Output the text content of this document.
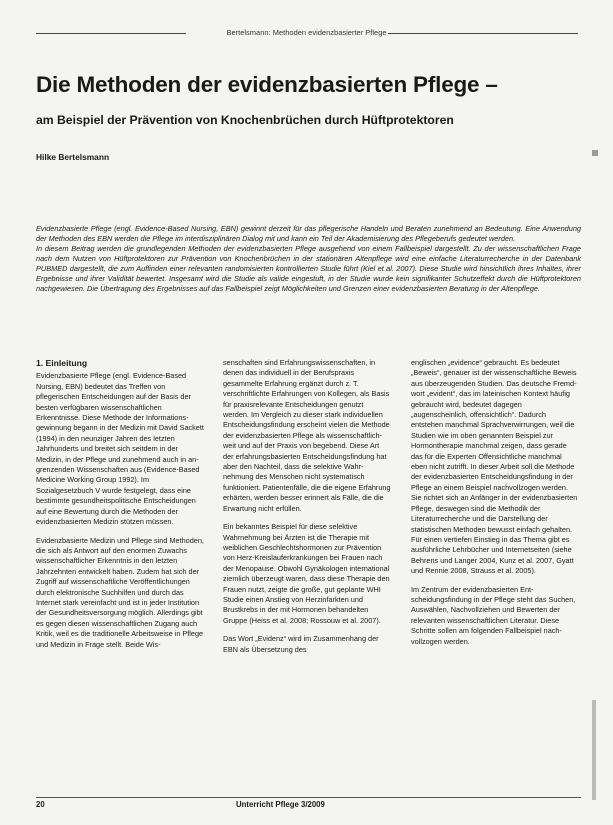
Bertelsmann: Methoden evidenzbasierter Pflege
Die Methoden der evidenzbasierten Pflege –
am Beispiel der Prävention von Knochenbrüchen durch Hüftprotektoren
Hilke Bertelsmann

Evidenzbasierte Pflege (engl. Evidence-Based Nursing, EBN) gewinnt derzeit für das pflegerische Handeln und Beraten zunehmend an Bedeutung. Eine Anwendung der Methoden des EBN werden die Pflege im interdisziplinären Dialog mit und kann ein Teil der Akademisierung des Pflegeberufs gedeutet werden.

In diesem Beitrag werden die grundlegenden Methoden der evidenzbasierten Pflege ausgehend von einem Fallbeispiel dargestellt. Zu der wissenschaftlichen Frage nach dem Nutzen von Hüftprotektoren zur Prävention von Knochenbrüchen in der stationären Altenpflege wird eine einfache Literaturrecherche in der Datenbank PUBMED dargestellt, die zum Auffinden einer relevanten randomisierten kontrollierten Studie führt (Kiel et al. 2007). Diese Studie wird hinsichtlich ihres Inhaltes, ihrer Ergebnisse und ihrer Validität bewertet. Insgesamt wird die Studie als valide eingestuft, in der Studie wurde kein signifikanter Schutzeffekt durch die Hüftprotektoren nachgewiesen. Die Übertragung des Ergebnisses auf das Fallbeispiel zeigt Möglichkeiten und Grenzen einer evidenzbasierten Beratung in der Altenpflege.

1. Einleitung

Evidenzbasierte Pflege (engl. Evidence-Based Nursing, EBN) bedeutet das Treffen von pflegerischen Entscheidungen auf der Basis der besten verfügbaren wissenschaftlichen Erkenntnisse. Diese Methode der Informationsgewinnung begann in der Medizin mit David Sackett (1994) in den neunziger Jahren des letzten Jahrhunderts und breitet sich seitdem in der Medizin, in der Pflege und zunehmend auch in angrenzenden Wissenschaften aus (Evidence-Based Medicine Working Group 1992). Im Sozialgesetzbuch V wurde festgelegt, dass eine bestimmte gesundheitspolitische Entscheidungen auf eine Bewertung durch die Methoden der evidenzbasierten Medizin stützen müssen.

Evidenzbasierte Medizin und Pflege sind Methoden, die sich als Antwort auf den enormen Zuwachs wissenschaftlicher Erkenntnis in den letzten Jahrzehnten entwickelt haben. Zudem hat sich der Zugriff auf wissenschaftliche Veröffentlichungen durch elektronische Suchhilfen und durch das Internet stark vereinfacht und ist in jeder Institution der Gesundheitsversorgung möglich. Allerdings gibt es gegen diesen wissenschaftlichen Zugang auch Kritik, weil es die traditionelle Arbeitsweise in Pflege und Medizin in Frage stellt. Beide Wis-

senschaften sind Erfahrungswissenschaften, in denen das individuell in der Berufspraxis gesammelte Erfahrung ergänzt durch z. T. verschriftlichte Erfahrungen von Kollegen, als Basis für praxisrelevante Entscheidungen genutzt werden. Im Vergleich zu dieser stark individuellen Entscheidungsfindung erscheint vielen die Methode der evidenzbasierten Pflege als wissenschaftlich-weit und auf der Praxis von begebend. Diese Art der erfahrungsbasierten Entscheidungsfindung hat aber den Nachteil, dass die selektive Wahrnehmung des Menschen nicht systematisch funktioniert. Patientenfälle, die die eigene Erfahrung erhärten, werden besser erinnert als Fälle, die die Erwartung nicht erfüllen.

Ein bekanntes Beispiel für diese selektive Wahrnehmung bei Ärzten ist die Therapie mit weiblichen Geschlechtshormonen zur Prävention von Herz-Kreislauferkrankungen bei Frauen nach der Menopause. Obwohl Gynäkologen international ziemlich überzeugt waren, dass diese Therapie den Frauen nutzt, zeigte die große, gut geplante WHI Studie einen Anstieg von Herzinfarkten und Brustkrebs in der mit Hormonen behandelten Gruppe (Heiss et al. 2008; Rossouw et al. 2007).

Das Wort „Evidenz“ wird im Zusammenhang der EBN als Übersetzung des

englischen „evidence“ gebraucht. Es bedeutet „Beweis“, genauer ist der wissenschaftliche Beweis aus überzeugenden Studien. Das deutsche Fremdwort „evident“, das im lateinischen Kontext häufig gebraucht wird, bedeutet dagegen „augenscheinlich, offensichtlich“. Dadurch entstehen manchmal Sprachverwirrungen, weil die Studien wie im oben genannten Beispiel zur Hormontherapie manchmal zeigen, dass gerade das für die Experten Offensichtliche manchmal eben nicht zutrifft. In dieser Arbeit soll die Methode der evidenzbasierten Entscheidungsfindung in der Pflege an einem Beispiel nachvollzogen werden. Sie richtet sich an Anfänger in der evidenzbasierten Pflege, deswegen sind die Methodik der Literaturrecherche und die Darstellung der statistischen Methoden bewusst einfach gehalten. Für einen vertiefen Einstieg in das Thema gibt es ausführliche Lehrbücher und Internetseiten (siehe Behrens und Langer 2004, Kunz et al. 2007, Gyatt und Rennie 2008, Strauss et al. 2005).

Im Zentrum der evidenzbasierten Entscheidungsfindung in der Pflege steht das Suchen, Auswählen, Nachvollziehen und Bewerten der relevanten wissenschaftlichen Literatur. Diese Schritte sollen am folgenden Fallbeispiel nachvollzogen werden.

20	Unterricht Pflege 3/2009
